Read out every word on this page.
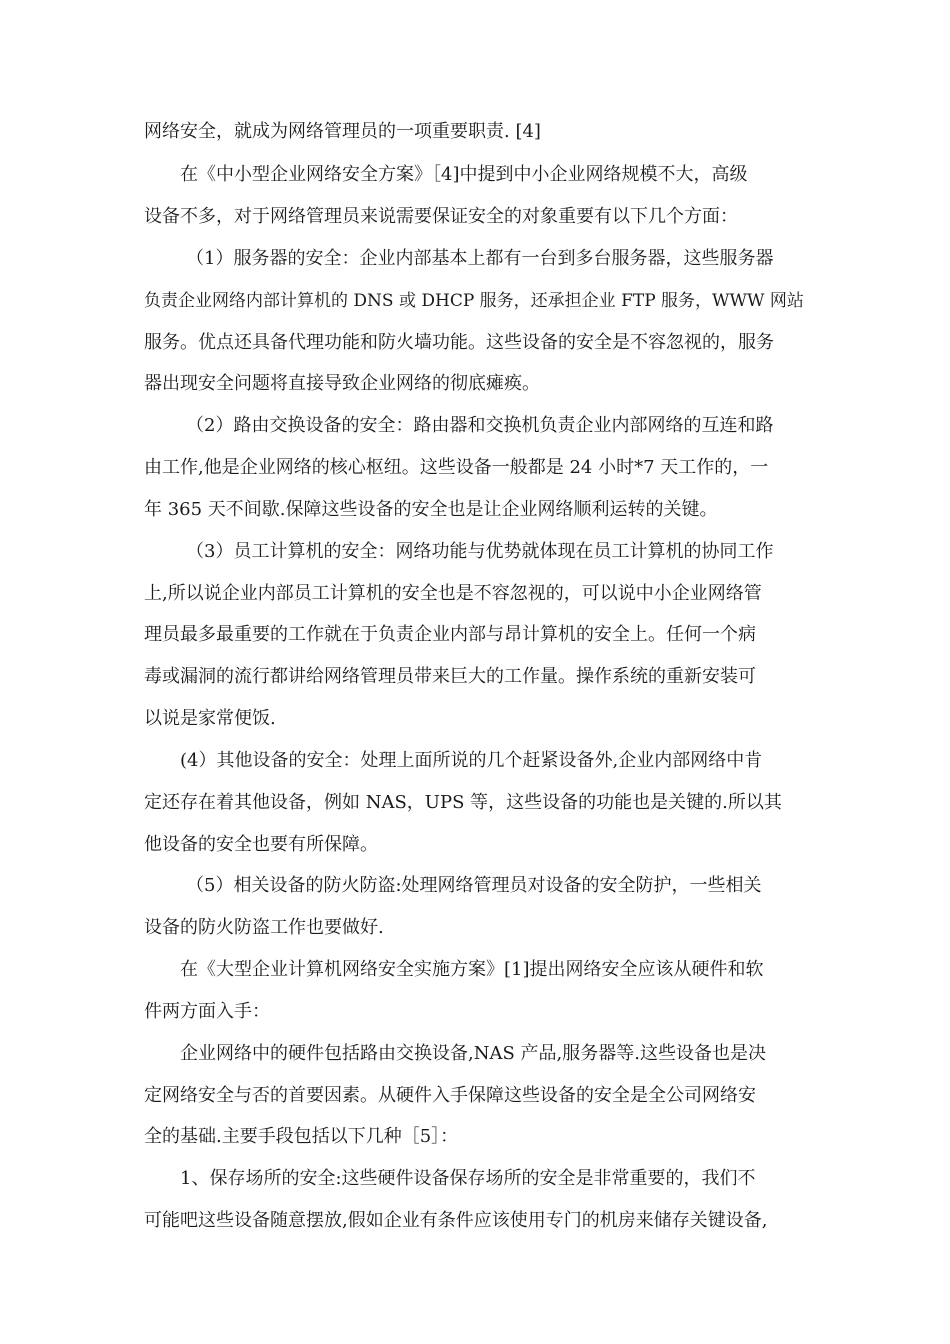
网络安全，就成为网络管理员的一项重要职责. [4]
在《中小型企业网络安全方案》［4]中提到中小企业网络规模不大，高级
设备不多，对于网络管理员来说需要保证安全的对象重要有以下几个方面：
（1）服务器的安全：企业内部基本上都有一台到多台服务器，这些服务器
负责企业网络内部计算机的 DNS 或 DHCP 服务，还承担企业 FTP 服务，WWW 网站
服务。优点还具备代理功能和防火墙功能。这些设备的安全是不容忽视的，服务
器出现安全问题将直接导致企业网络的彻底瘫痪。
（2）路由交换设备的安全：路由器和交换机负责企业内部网络的互连和路
由工作,他是企业网络的核心枢纽。这些设备一般都是 24 小时*7 天工作的，一
年 365 天不间歇.保障这些设备的安全也是让企业网络顺利运转的关键。
（3）员工计算机的安全：网络功能与优势就体现在员工计算机的协同工作
上,所以说企业内部员工计算机的安全也是不容忽视的，可以说中小企业网络管
理员最多最重要的工作就在于负责企业内部与昂计算机的安全上。任何一个病
毒或漏洞的流行都讲给网络管理员带来巨大的工作量。操作系统的重新安装可
以说是家常便饭.
(4）其他设备的安全：处理上面所说的几个赶紧设备外,企业内部网络中肯
定还存在着其他设备，例如 NAS，UPS 等，这些设备的功能也是关键的.所以其
他设备的安全也要有所保障。
（5）相关设备的防火防盗:处理网络管理员对设备的安全防护，一些相关
设备的防火防盗工作也要做好.
在《大型企业计算机网络安全实施方案》[1]提出网络安全应该从硬件和软
件两方面入手：
企业网络中的硬件包括路由交换设备,NAS 产品,服务器等.这些设备也是决
定网络安全与否的首要因素。从硬件入手保障这些设备的安全是全公司网络安
全的基础.主要手段包括以下几种［5］：
1、保存场所的安全:这些硬件设备保存场所的安全是非常重要的，我们不
可能吧这些设备随意摆放,假如企业有条件应该使用专门的机房来储存关键设备,
